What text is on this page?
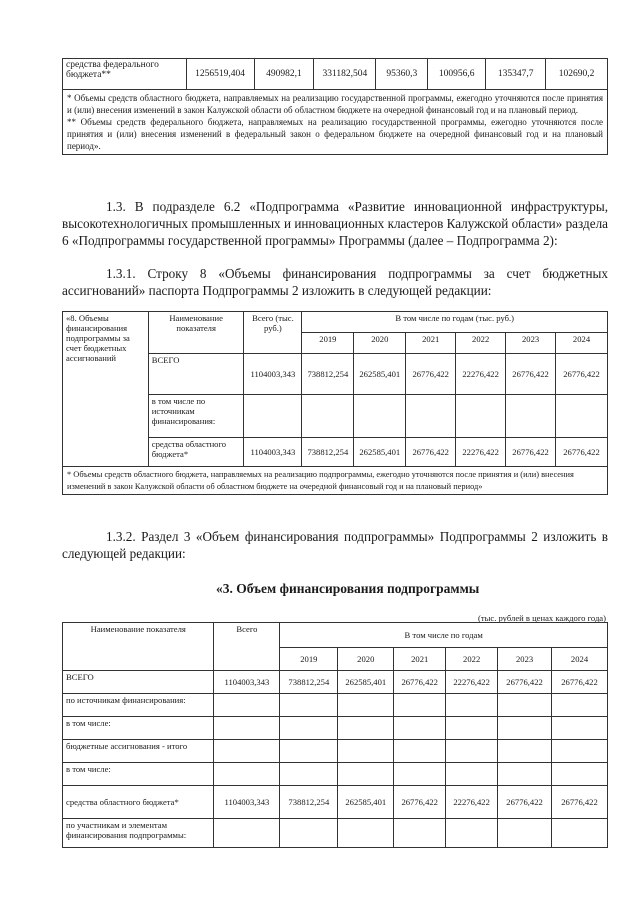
средства федерального бюджета**	1256519,404	490982,1	331182,504	95360,3	100956,6	135347,7	102690,2

* Объемы средств областного бюджета, направляемых на реализацию государственной программы, ежегодно уточняются после принятия и (или) внесения изменений в закон Калужской области об областном бюджете на очередной финансовый год и на плановый период.
** Объемы средств федерального бюджета, направляемых на реализацию государственной программы, ежегодно уточняются после принятия и (или) внесения изменений в федеральный закон о федеральном бюджете на очередной финансовый год и на плановый период».
1.3. В подразделе 6.2 «Подпрограмма «Развитие инновационной инфраструктуры, высокотехнологичных промышленных и инновационных кластеров Калужской области» раздела 6 «Подпрограммы государственной программы» Программы (далее – Подпрограмма 2):
1.3.1. Строку 8 «Объемы финансирования подпрограммы за счет бюджетных ассигнований» паспорта Подпрограммы 2 изложить в следующей редакции:
«8. Объемы финансирования подпрограммы за счет бюджетных ассигнований	Наименование показателя	Всего (тыс. руб.)	В том числе по годам (тыс. руб.)					
			2019	2020	2021	2022	2023	2024
	ВСЕГО	1104003,343	738812,254	262585,401	26776,422	22276,422	26776,422	26776,422
	в том числе по источникам финансирования:							
	средства областного бюджета*	1104003,343	738812,254	262585,401	26776,422	22276,422	26776,422	26776,422
* Объемы средств областного бюджета, направляемых на реализацию подпрограммы, ежегодно уточняются после принятия и (или) внесения изменений в закон Калужской области об областном бюджете на очередной финансовый год и на плановый период»								
1.3.2. Раздел 3 «Объем финансирования подпрограммы» Подпрограммы 2 изложить в следующей редакции:
«3. Объем финансирования подпрограммы
(тыс. рублей в ценах каждого года)
Наименование показателя	Всего	В том числе по годам					
		2019	2020	2021	2022	2023	2024
ВСЕГО	1104003,343	738812,254	262585,401	26776,422	22276,422	26776,422	26776,422
по источникам финансирования:							
в том числе:							
бюджетные ассигнования - итого							
в том числе:							
средства областного бюджета*	1104003,343	738812,254	262585,401	26776,422	22276,422	26776,422	26776,422
по участникам и элементам финансирования подпрограммы:							
